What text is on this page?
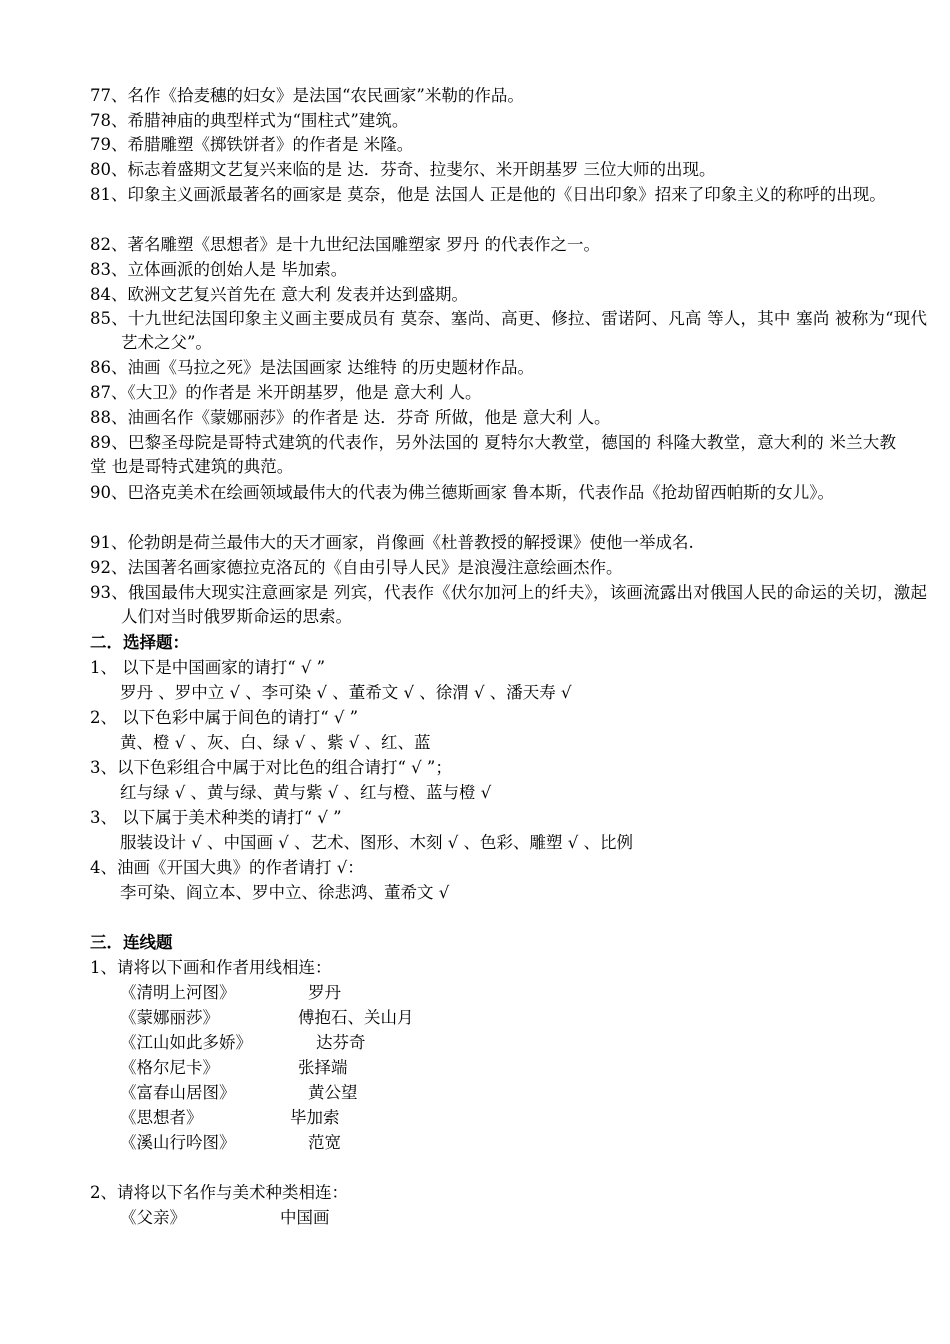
77、名作《拾麦穗的妇女》是法国“农民画家”米勒的作品。
78、希腊神庙的典型样式为“围柱式”建筑。
79、希腊雕塑《掷铁饼者》的作者是 米隆。
80、标志着盛期文艺复兴来临的是 达．芬奇、拉斐尔、米开朗基罗 三位大师的出现。
81、印象主义画派最著名的画家是 莫奈，他是 法国人 正是他的《日出印象》招来了印象主义的称呼的出现。
82、著名雕塑《思想者》是十九世纪法国雕塑家 罗丹 的代表作之一。
83、立体画派的创始人是 毕加索。
84、欧洲文艺复兴首先在 意大利 发表并达到盛期。
85、十九世纪法国印象主义画主要成员有 莫奈、塞尚、高更、修拉、雷诺阿、凡高 等人，其中 塞尚 被称为“现代艺术之父”。
86、油画《马拉之死》是法国画家 达维特 的历史题材作品。
87、《大卫》的作者是 米开朗基罗，他是 意大利 人。
88、油画名作《蒙娜丽莎》的作者是 达．芬奇 所做，他是 意大利 人。
89、巴黎圣母院是哥特式建筑的代表作，另外法国的 夏特尔大教堂，德国的 科隆大教堂，意大利的 米兰大教堂 也是哥特式建筑的典范。
90、巴洛克美术在绘画领域最伟大的代表为佛兰德斯画家 鲁本斯，代表作品《抢劫留西帕斯的女儿》。
91、伦勃朗是荷兰最伟大的天才画家，肖像画《杜普教授的解授课》使他一举成名.
92、法国著名画家德拉克洛瓦的《自由引导人民》是浪漫注意绘画杰作。
93、俄国最伟大现实注意画家是 列宾，代表作《伏尔加河上的纤夫》，该画流露出对俄国人民的命运的关切，激起人们对当时俄罗斯命运的思索。
二．选择题：
1、 以下是中国画家的请打“ √ ”
罗丹 、罗中立 √ 、李可染 √ 、董希文 √ 、徐渭 √ 、潘天寿 √
2、 以下色彩中属于间色的请打“ √ ”
黄、橙 √ 、灰、白、绿 √ 、紫 √ 、红、蓝
3、以下色彩组合中属于对比色的组合请打“ √ ”；
红与绿 √ 、黄与绿、黄与紫 √ 、红与橙、蓝与橙 √
3、 以下属于美术种类的请打“ √ ”
服装设计 √ 、中国画 √ 、艺术、图形、木刻 √ 、色彩、雕塑 √ 、比例
4、油画《开国大典》的作者请打 √：
李可染、阎立本、罗中立、徐悲鸿、董希文 √
三．连线题
1、请将以下画和作者用线相连：
《清明上河图》	罗丹
《蒙娜丽莎》	傅抱石、关山月
《江山如此多娇》	达芬奇
《格尔尼卡》	张择端
《富春山居图》	黄公望
《思想者》	毕加索
《溪山行吟图》	范宽
2、请将以下名作与美术种类相连：
《父亲》	中国画
